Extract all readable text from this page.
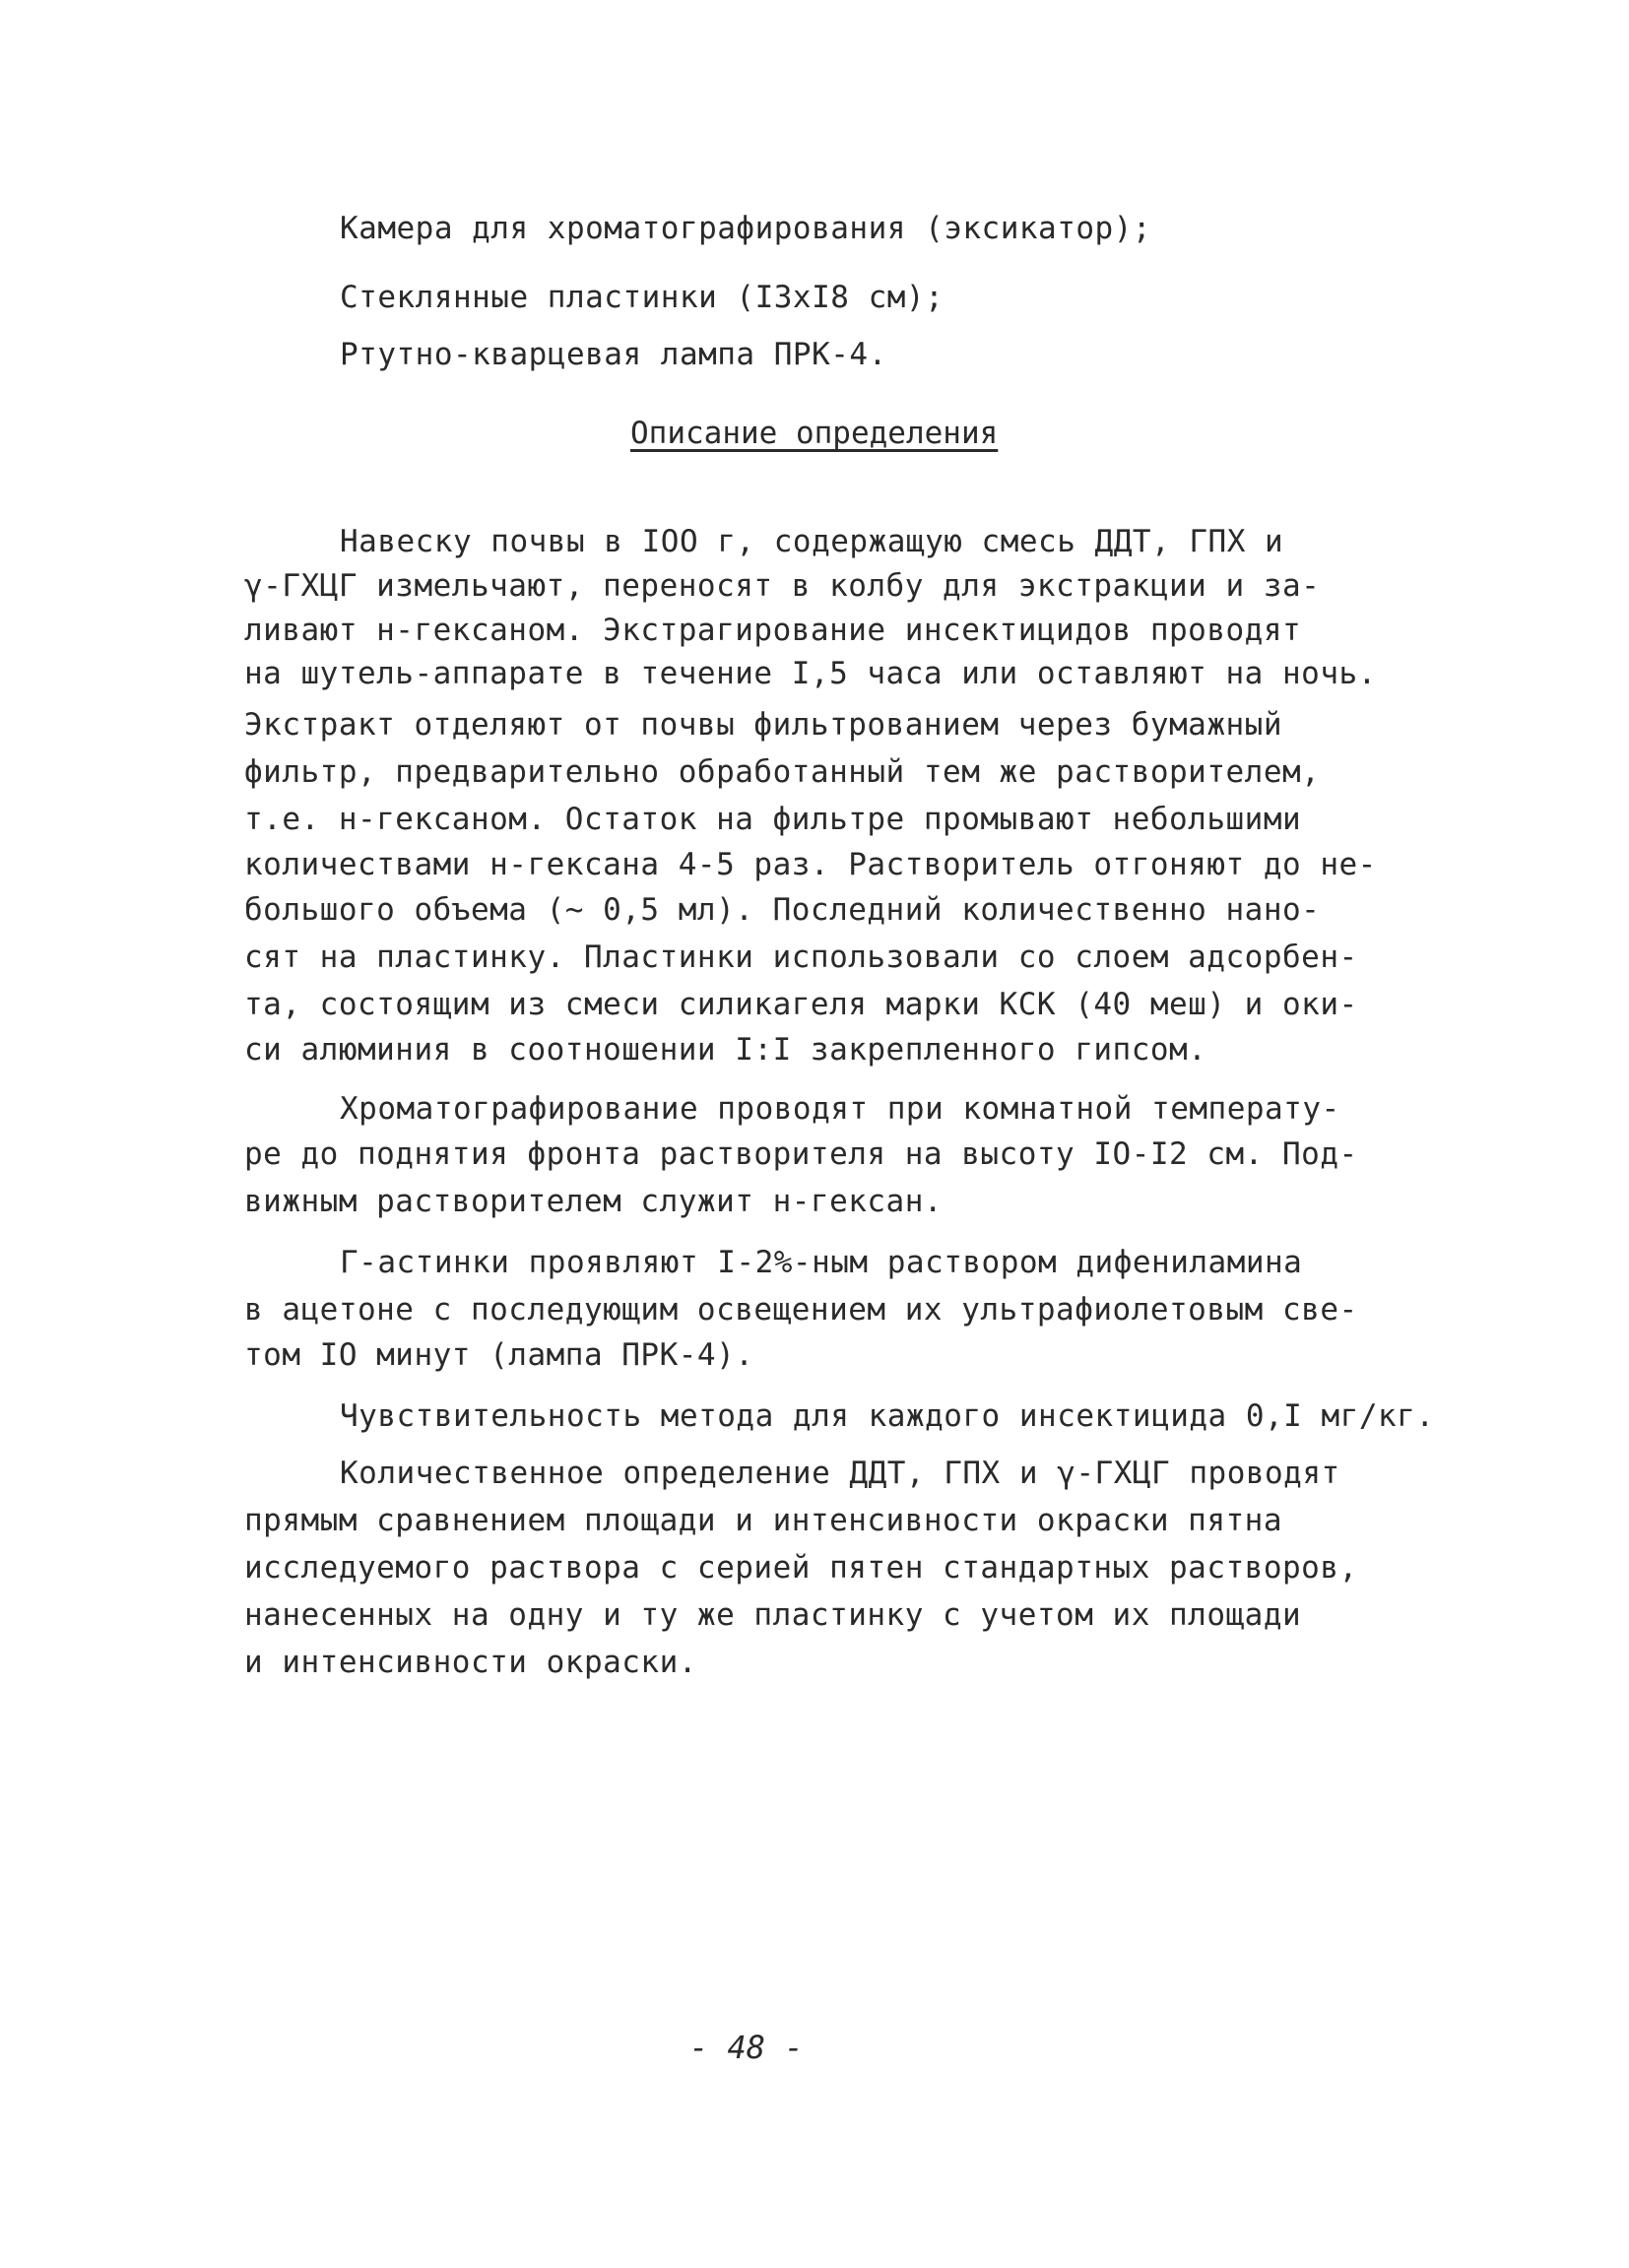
Камера для хроматографирования (эксикатор);
Стеклянные пластинки (I3xI8 см);
Ртутно-кварцевая лампа ПРК-4.
Описание определения
Навеску почвы в IOO г, содержащую смесь ДДТ, ГПХ и
γ-ГХЦГ измельчают, переносят в колбу для экстракции и за-
ливают н-гексаном. Экстрагирование инсектицидов проводят
на шутель-аппарате в течение I,5 часа или оставляют на ночь.
Экстракт отделяют от почвы фильтрованием через бумажный
фильтр, предварительно обработанный тем же растворителем,
т.е. н-гексаном. Остаток на фильтре промывают небольшими
количествами н-гексана 4-5 раз. Растворитель отгоняют до не-
большого объема (~ 0,5 мл). Последний количественно нано-
сят на пластинку. Пластинки использовали со слоем адсорбен-
та, состоящим из смеси силикагеля марки КСК (40 меш) и оки-
си алюминия в соотношении I:I закрепленного гипсом.
Хроматографирование проводят при комнатной температу-
ре до поднятия фронта растворителя на высоту IO-I2 см. Под-
вижным растворителем служит н-гексан.
Г-астинки проявляют I-2%-ным раствором дифениламина
в ацетоне с последующим освещением их ультрафиолетовым све-
том IO минут (лампа ПРК-4).
Чувствительность метода для каждого инсектицида 0,I мг/кг.
Количественное определение ДДТ, ГПХ и γ-ГХЦГ проводят
прямым сравнением площади и интенсивности окраски пятна
исследуемого раствора с серией пятен стандартных растворов,
нанесенных на одну и ту же пластинку с учетом их площади
и интенсивности окраски.
- 48 -
